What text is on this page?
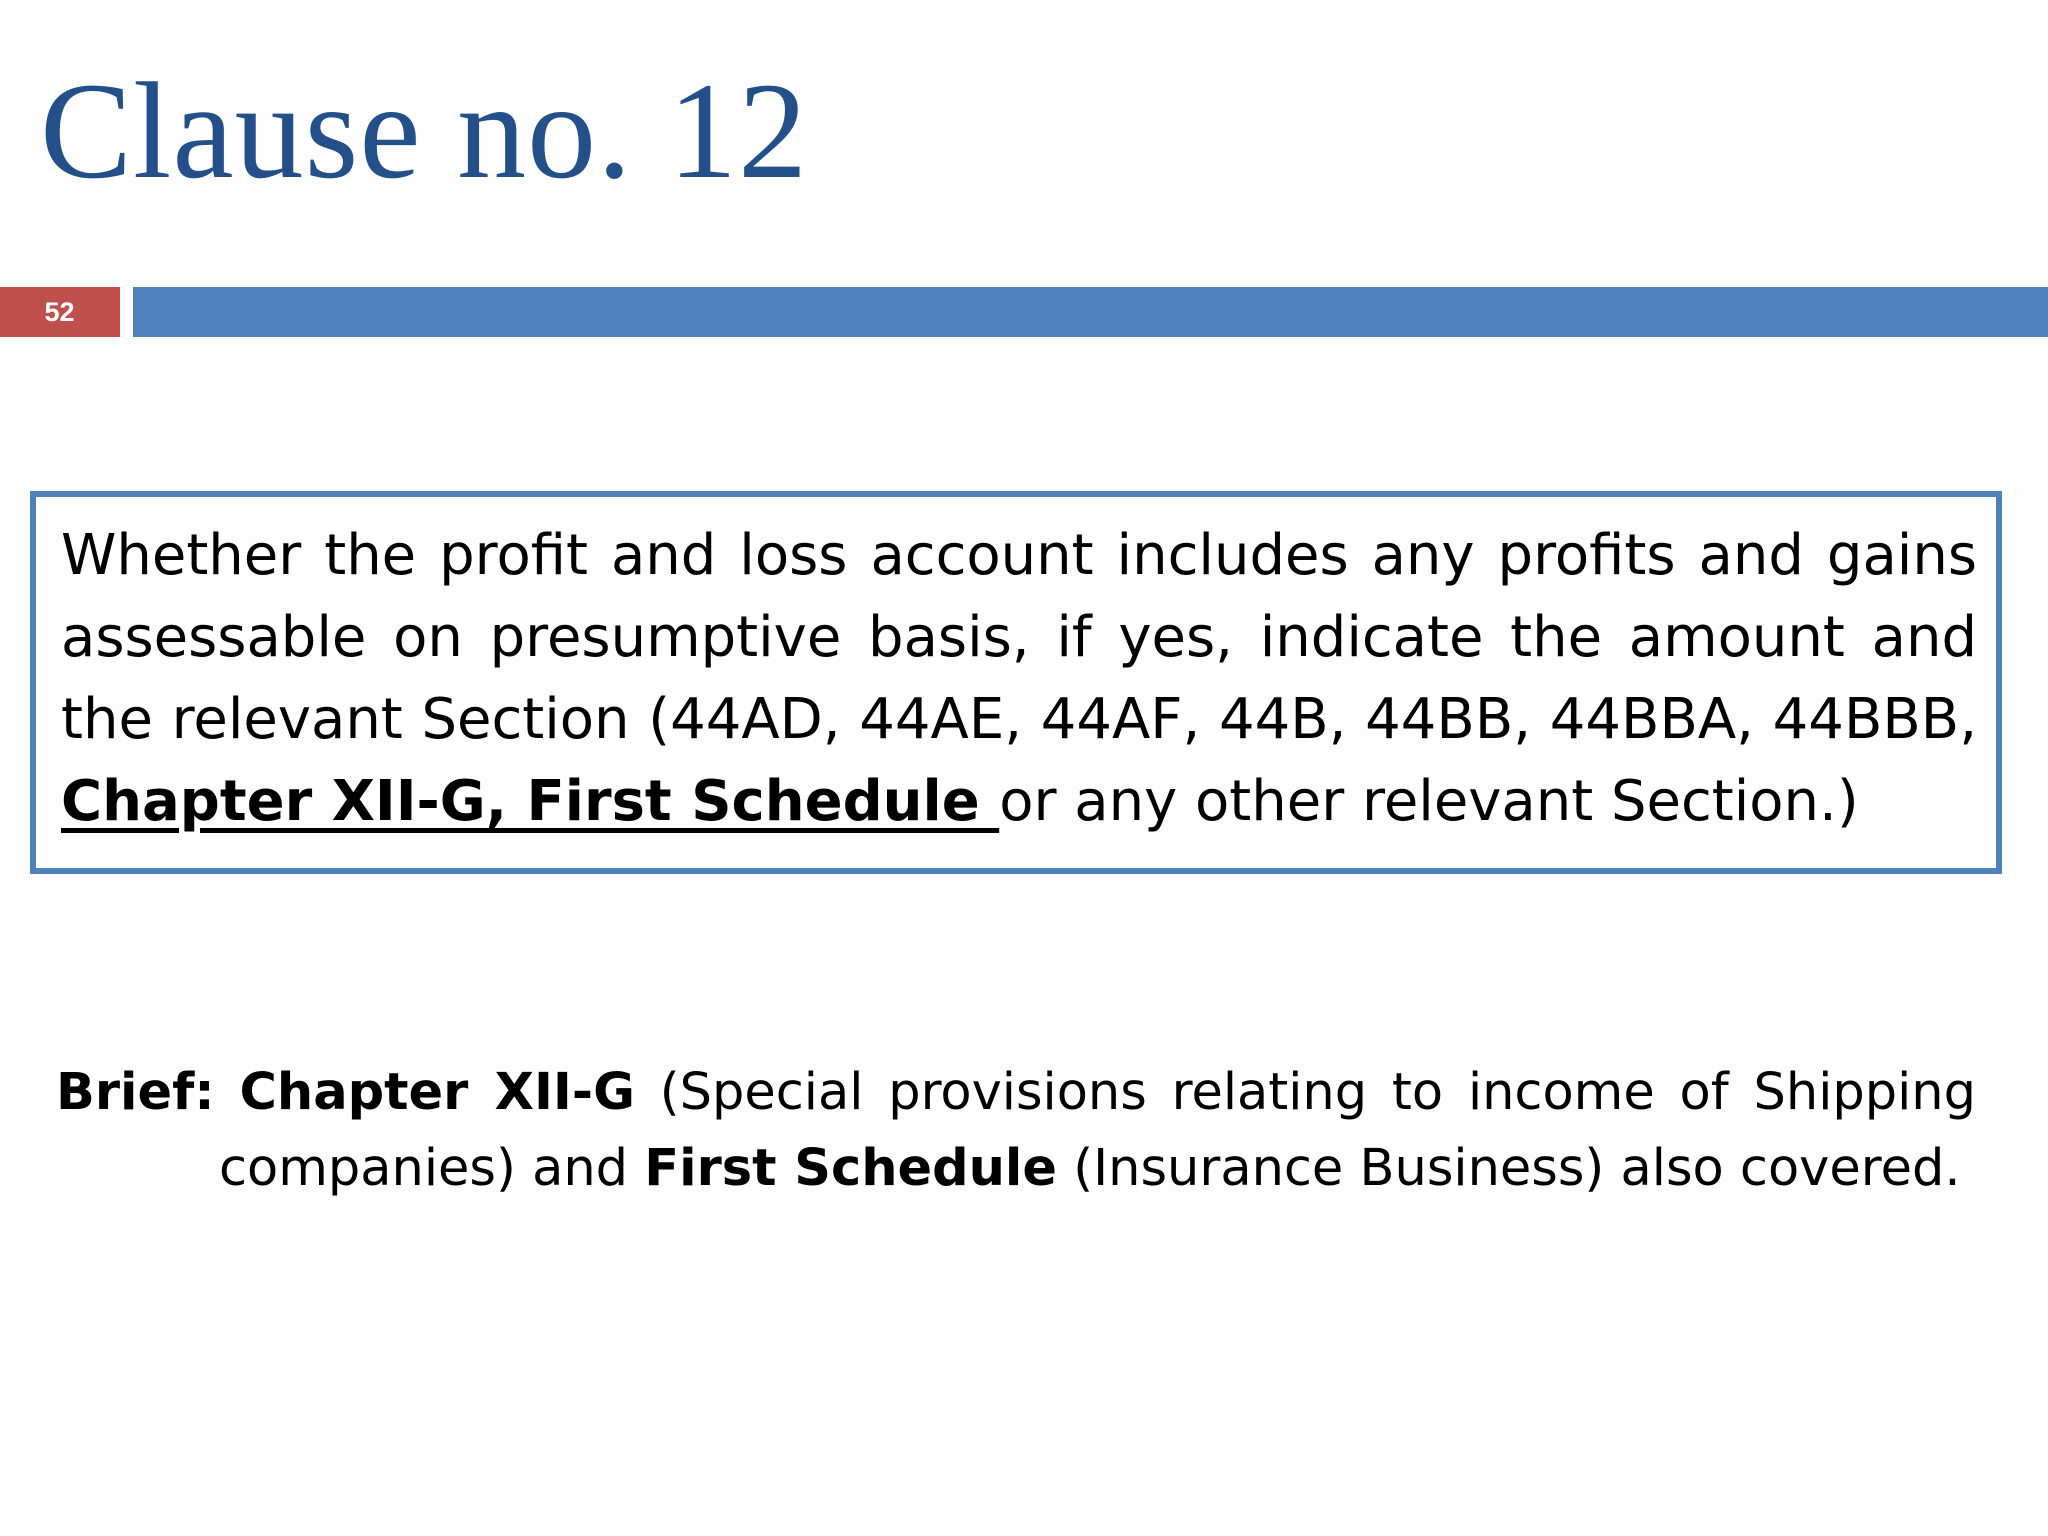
Clause no. 12
52
Whether the profit and loss account includes any profits and gains assessable on presumptive basis, if yes, indicate the amount and the relevant Section (44AD, 44AE, 44AF, 44B, 44BB, 44BBA, 44BBB, Chapter XII-G, First Schedule or any other relevant Section.)
Brief: Chapter XII-G (Special provisions relating to income of Shipping companies) and First Schedule (Insurance Business) also covered.
